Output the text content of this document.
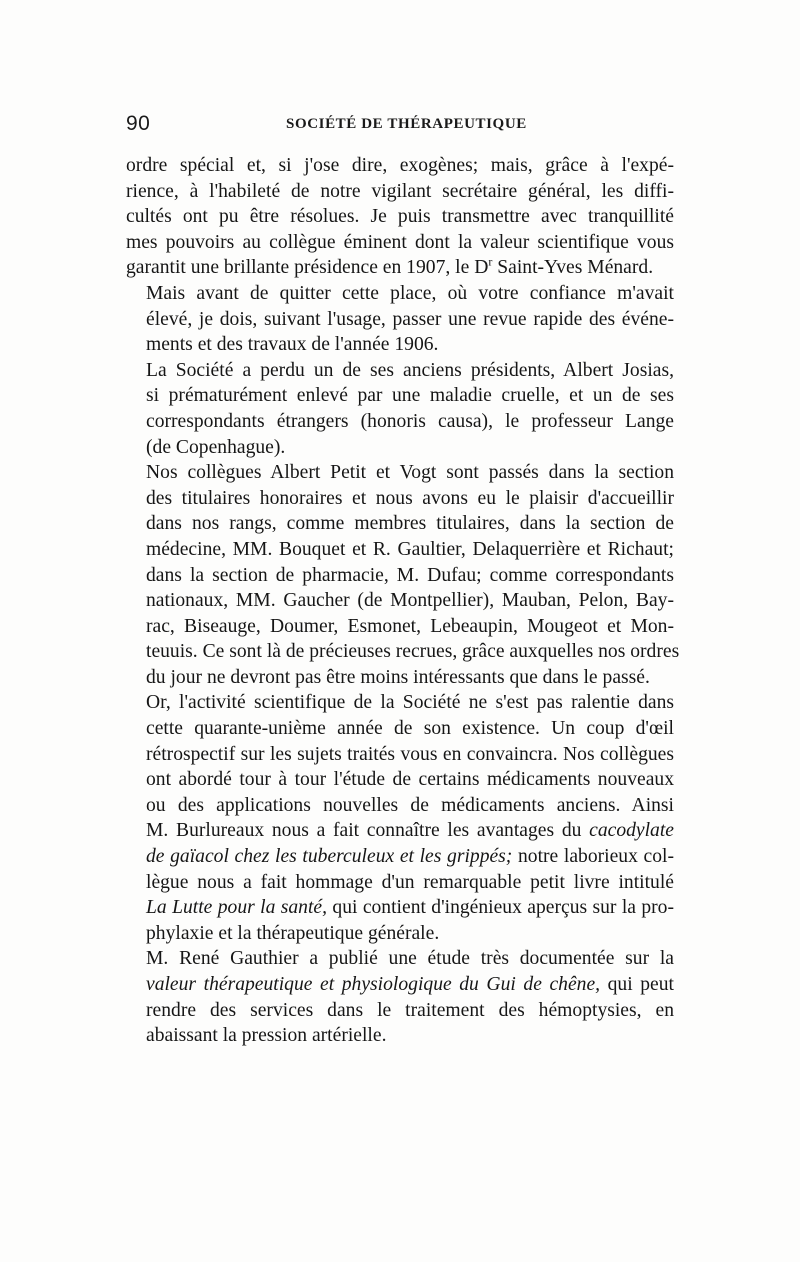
90	SOCIÉTÉ DE THÉRAPEUTIQUE

ordre spécial et, si j'ose dire, exogènes; mais, grâce à l'expé-
rience, à l'habileté de notre vigilant secrétaire général, les diffi-
cultés ont pu être résolues. Je puis transmettre avec tranquillité
mes pouvoirs au collègue éminent dont la valeur scientifique vous
garantit une brillante présidence en 1907, le $D^r$ Saint-Yves Ménard.

Mais avant de quitter cette place, où votre confiance m'avait
élevé, je dois, suivant l'usage, passer une revue rapide des événe-
ments et des travaux de l'année 1906.

La Société a perdu un de ses anciens présidents, Albert Josias,
si prématurément enlevé par une maladie cruelle, et un de ses
correspondants étrangers (honoris causa), le professeur Lange
(de Copenhague).

Nos collègues Albert Petit et Vogt sont passés dans la section
des titulaires honoraires et nous avons eu le plaisir d'accueillir
dans nos rangs, comme membres titulaires, dans la section de
médecine, MM. Bouquet et R. Gaultier, Delaquerrière et Richaut;
dans la section de pharmacie, M. Dufau; comme correspondants
nationaux, MM. Gaucher (de Montpellier), Mauban, Pelon, Bay-
rac, Biseauge, Doumer, Esmonet, Lebeaupin, Mougeot et Mon-
teuuis. Ce sont là de précieuses recrues, grâce auxquelles nos ordres
du jour ne devront pas être moins intéressants que dans le passé.

Or, l'activité scientifique de la Société ne s'est pas ralentie dans
cette quarante-unième année de son existence. Un coup d'œil
rétrospectif sur les sujets traités vous en convaincra. Nos collègues
ont abordé tour à tour l'étude de certains médicaments nouveaux
ou des applications nouvelles de médicaments anciens. Ainsi
M. Burlureaux nous a fait connaître les avantages du cacodylate
de gaïacol chez les tuberculeux et les grippés; notre laborieux col-
lègue nous a fait hommage d'un remarquable petit livre intitulé
La Lutte pour la santé, qui contient d'ingénieux aperçus sur la pro-
phylaxie et la thérapeutique générale.

M. René Gauthier a publié une étude très documentée sur la
valeur thérapeutique et physiologique du Gui de chêne, qui peut
rendre des services dans le traitement des hémoptysies, en
abaissant la pression artérielle.
